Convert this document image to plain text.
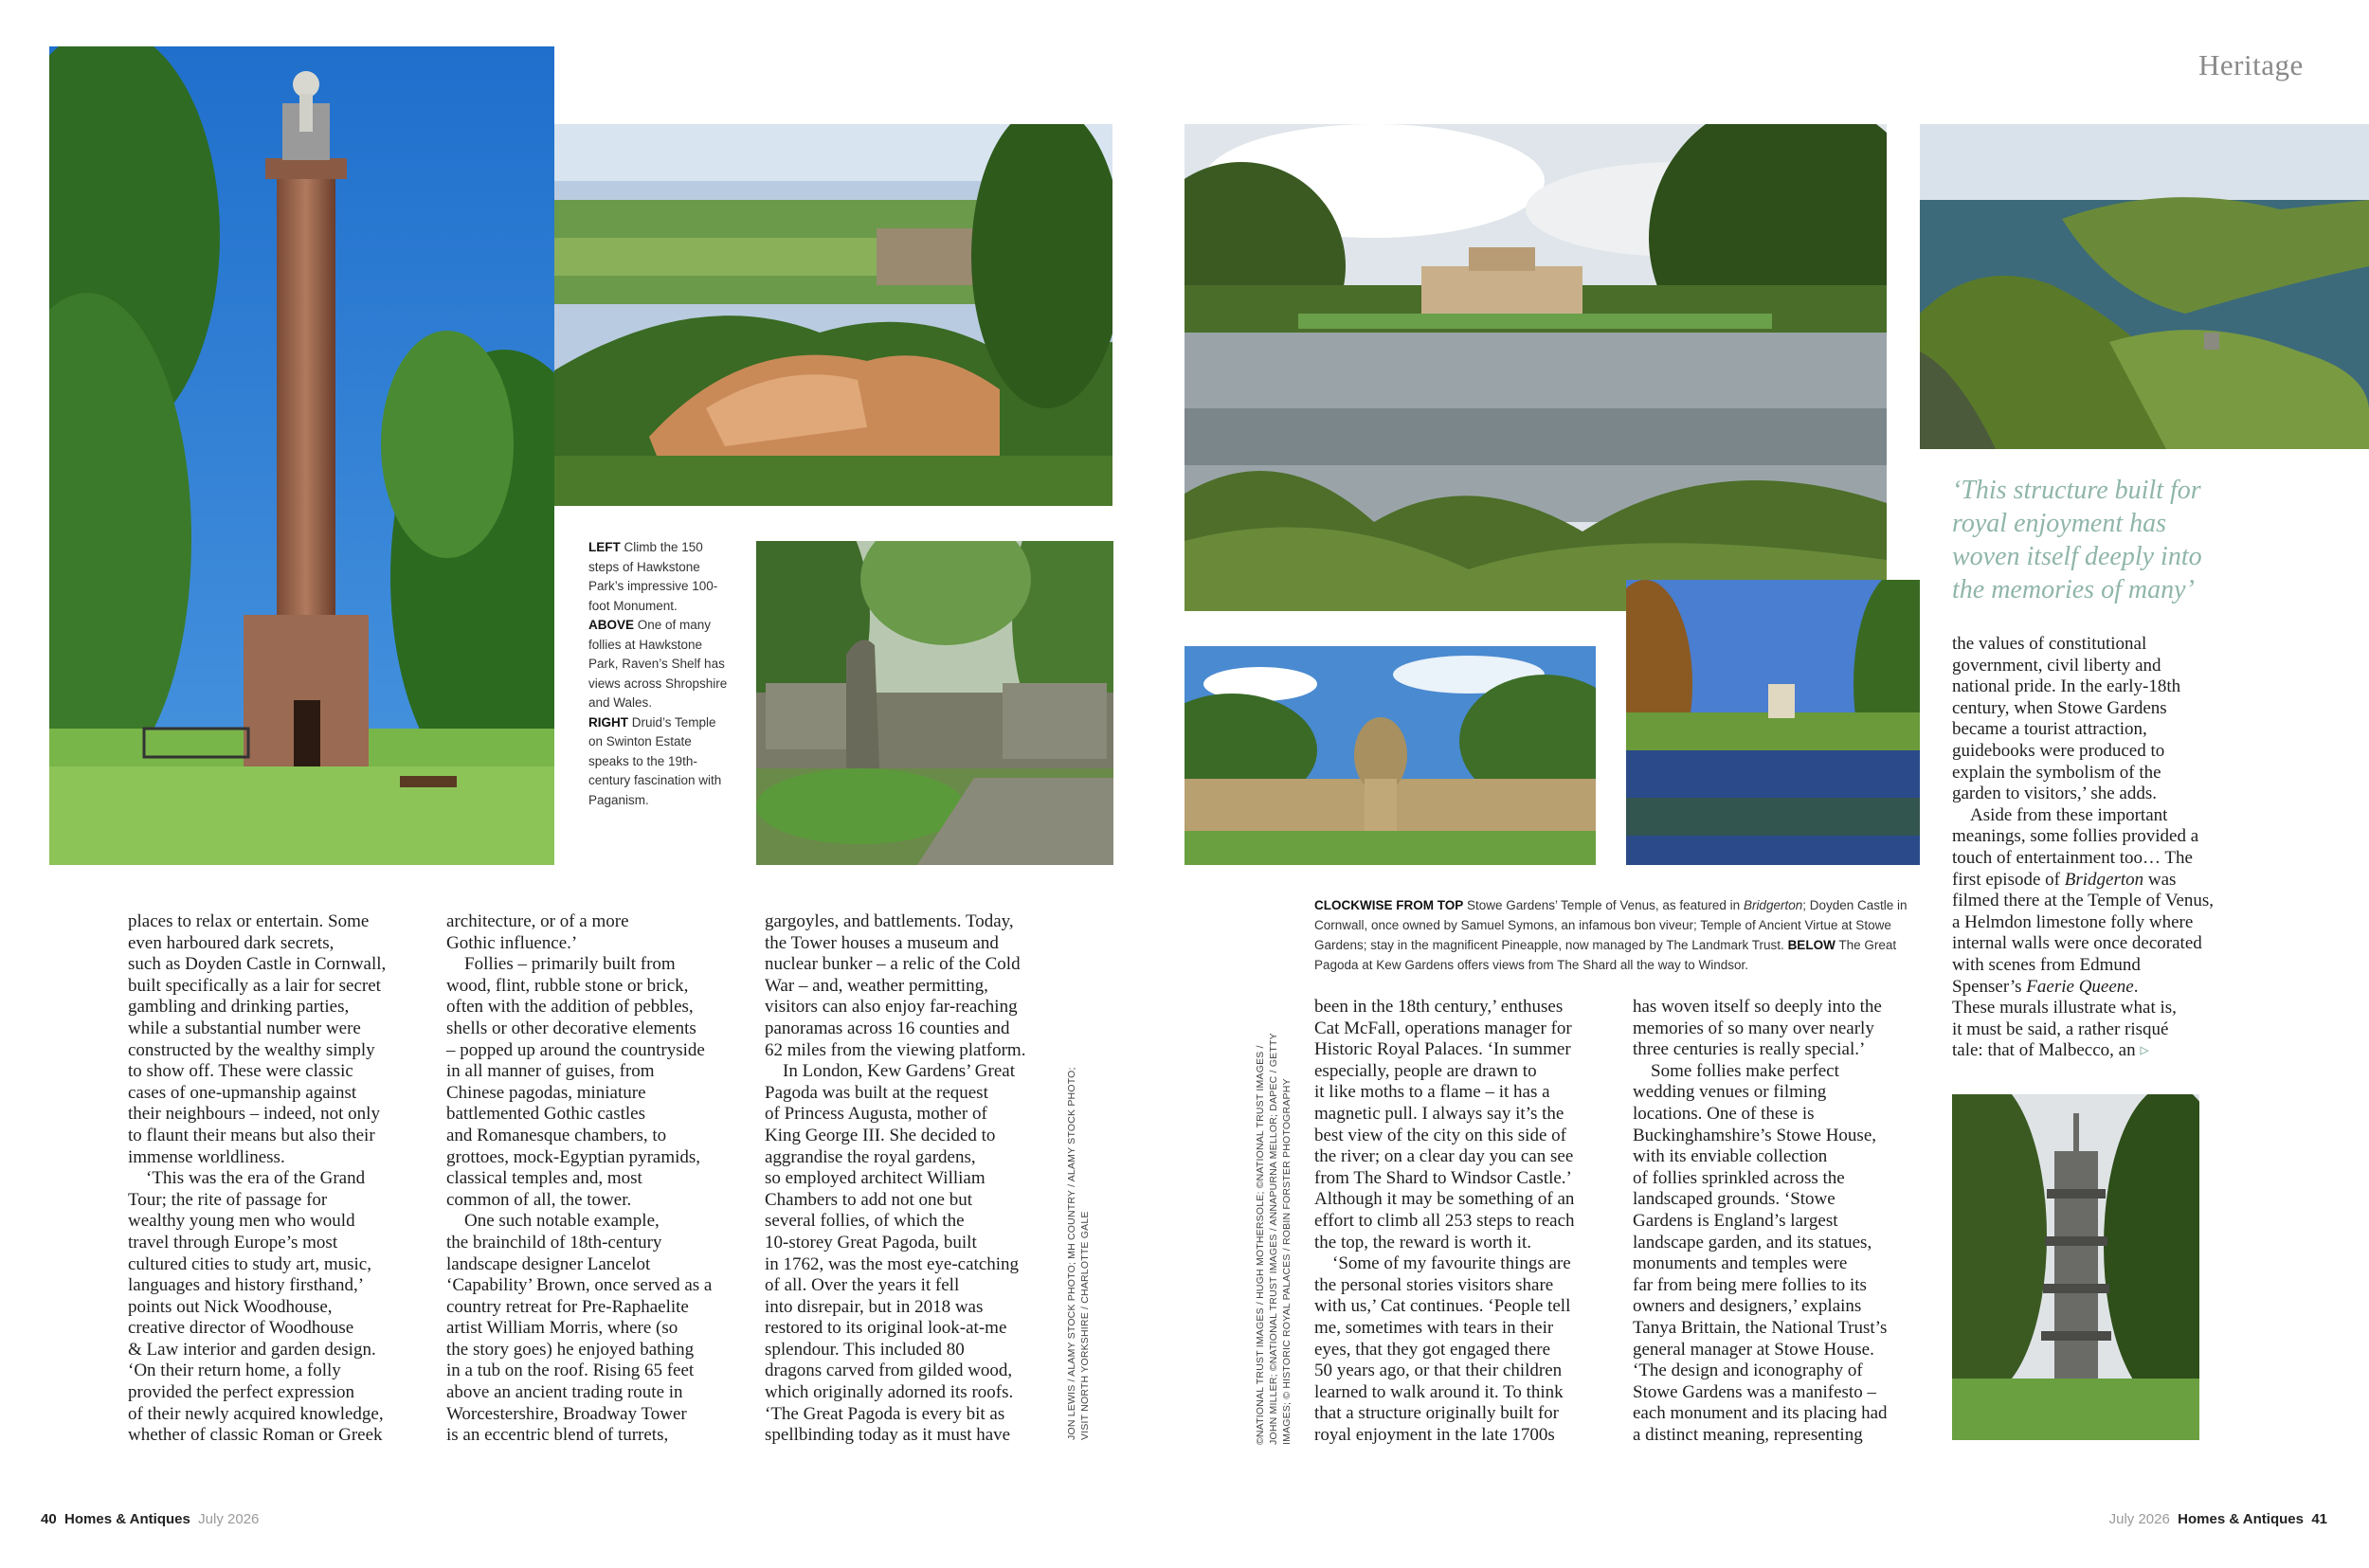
Heritage
‘This structure built for royal enjoyment has woven itself deeply into the memories of many’
LEFT Climb the 150 steps of Hawkstone Park’s impressive 100-foot Monument.
ABOVE One of many follies at Hawkstone Park, Raven’s Shelf has views across Shropshire and Wales.
RIGHT Druid’s Temple on Swinton Estate speaks to the 19th-century fascination with Paganism.
CLOCKWISE FROM TOP Stowe Gardens’ Temple of Venus, as featured in Bridgerton; Doyden Castle in Cornwall, once owned by Samuel Symons, an infamous bon viveur; Temple of Ancient Virtue at Stowe Gardens; stay in the magnificent Pineapple, now managed by The Landmark Trust. BELOW The Great Pagoda at Kew Gardens offers views from The Shard all the way to Windsor.
places to relax or entertain. Some
even harboured dark secrets,
such as Doyden Castle in Cornwall,
built specifically as a lair for secret
gambling and drinking parties,
while a substantial number were
constructed by the wealthy simply
to show off. These were classic
cases of one-upmanship against
their neighbours – indeed, not only
to flaunt their means but also their
immense worldliness.
 ‘This was the era of the Grand
Tour; the rite of passage for
wealthy young men who would
travel through Europe’s most
cultured cities to study art, music,
languages and history firsthand,’
points out Nick Woodhouse,
creative director of Woodhouse
& Law interior and garden design.
‘On their return home, a folly
provided the perfect expression
of their newly acquired knowledge,
whether of classic Roman or Greek
architecture, or of a more
Gothic influence.’
 Follies – primarily built from
wood, flint, rubble stone or brick,
often with the addition of pebbles,
shells or other decorative elements
– popped up around the countryside
in all manner of guises, from
Chinese pagodas, miniature
battlemented Gothic castles
and Romanesque chambers, to
grottoes, mock-Egyptian pyramids,
classical temples and, most
common of all, the tower.
 One such notable example,
the brainchild of 18th-century
landscape designer Lancelot
‘Capability’ Brown, once served as a
country retreat for Pre-Raphaelite
artist William Morris, where (so
the story goes) he enjoyed bathing
in a tub on the roof. Rising 65 feet
above an ancient trading route in
Worcestershire, Broadway Tower
is an eccentric blend of turrets,
gargoyles, and battlements. Today,
the Tower houses a museum and
nuclear bunker – a relic of the Cold
War – and, weather permitting,
visitors can also enjoy far-reaching
panoramas across 16 counties and
62 miles from the viewing platform.
 In London, Kew Gardens’ Great
Pagoda was built at the request
of Princess Augusta, mother of
King George III. She decided to
aggrandise the royal gardens,
so employed architect William
Chambers to add not one but
several follies, of which the
10-storey Great Pagoda, built
in 1762, was the most eye-catching
of all. Over the years it fell
into disrepair, but in 2018 was
restored to its original look-at-me
splendour. This included 80
dragons carved from gilded wood,
which originally adorned its roofs.
‘The Great Pagoda is every bit as
spellbinding today as it must have
been in the 18th century,’ enthuses
Cat McFall, operations manager for
Historic Royal Palaces. ‘In summer
especially, people are drawn to
it like moths to a flame – it has a
magnetic pull. I always say it’s the
best view of the city on this side of
the river; on a clear day you can see
from The Shard to Windsor Castle.’
Although it may be something of an
effort to climb all 253 steps to reach
the top, the reward is worth it.
 ‘Some of my favourite things are
the personal stories visitors share
with us,’ Cat continues. ‘People tell
me, sometimes with tears in their
eyes, that they got engaged there
50 years ago, or that their children
learned to walk around it. To think
that a structure originally built for
royal enjoyment in the late 1700s
has woven itself so deeply into the
memories of so many over nearly
three centuries is really special.’
 Some follies make perfect
wedding venues or filming
locations. One of these is
Buckinghamshire’s Stowe House,
with its enviable collection
of follies sprinkled across the
landscaped grounds. ‘Stowe
Gardens is England’s largest
landscape garden, and its statues,
monuments and temples were
far from being mere follies to its
owners and designers,’ explains
Tanya Brittain, the National Trust’s
general manager at Stowe House.
‘The design and iconography of
Stowe Gardens was a manifesto –
each monument and its placing had
a distinct meaning, representing
the values of constitutional
government, civil liberty and
national pride. In the early-18th
century, when Stowe Gardens
became a tourist attraction,
guidebooks were produced to
explain the symbolism of the
garden to visitors,’ she adds.
 Aside from these important
meanings, some follies provided a
touch of entertainment too… The
first episode of Bridgerton was
filmed there at the Temple of Venus,
a Helmdon limestone folly where
internal walls were once decorated
with scenes from Edmund
Spenser’s Faerie Queene.
These murals illustrate what is,
it must be said, a rather risqué
tale: that of Malbecco, an ▹
JON LEWIS / ALAMY STOCK PHOTO; MH COUNTRY / ALAMY STOCK PHOTO;
VISIT NORTH YORKSHIRE / CHARLOTTE GALE
©NATIONAL TRUST IMAGES / HUGH MOTHERSOLE; ©NATIONAL TRUST IMAGES /
JOHN MILLER; ©NATIONAL TRUST IMAGES / ANNAPURNA MELLOR; DAPEC / GETTY
IMAGES; © HISTORIC ROYAL PALACES / ROBIN FORSTER PHOTOGRAPHY
40 Homes & Antiques July 2026	July 2026 Homes & Antiques 41
